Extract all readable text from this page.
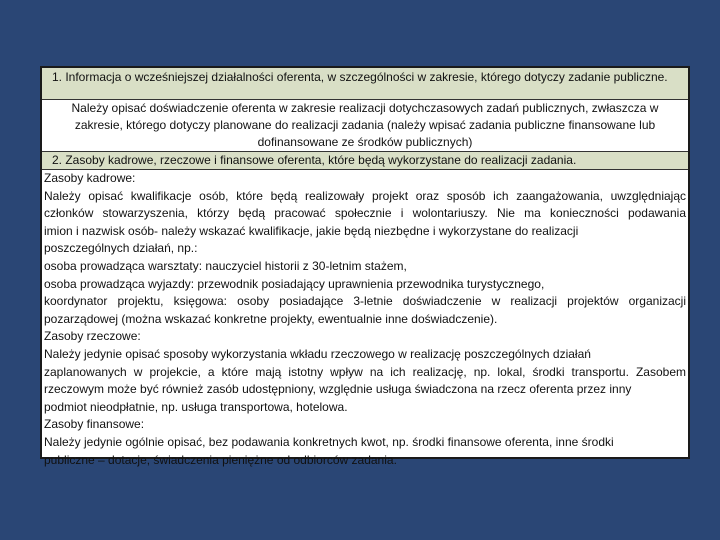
1. Informacja o wcześniejszej działalności oferenta, w szczególności w zakresie, którego dotyczy zadanie publiczne.
Należy opisać doświadczenie oferenta w zakresie realizacji dotychczasowych zadań publicznych, zwłaszcza w zakresie, którego dotyczy planowane do realizacji zadania (należy wpisać zadania publiczne finansowane lub dofinansowane ze środków publicznych)
2. Zasoby kadrowe, rzeczowe i finansowe oferenta, które będą wykorzystane do realizacji zadania.
Zasoby kadrowe:
Należy opisać kwalifikacje osób, które będą realizowały projekt oraz sposób ich zaangażowania, uwzględniając
członków stowarzyszenia, którzy będą pracować społecznie i wolontariuszy. Nie ma konieczności podawania
imion i nazwisk osób- należy wskazać kwalifikacje, jakie będą niezbędne i wykorzystane do realizacji
poszczególnych działań, np.:
osoba prowadząca warsztaty: nauczyciel historii z 30-letnim stażem,
osoba prowadząca wyjazdy: przewodnik posiadający uprawnienia przewodnika turystycznego,
koordynator projektu, księgowa: osoby posiadające 3-letnie doświadczenie w realizacji projektów organizacji
pozarządowej (można wskazać konkretne projekty, ewentualnie inne doświadczenie).
Zasoby rzeczowe:
Należy jedynie opisać sposoby wykorzystania wkładu rzeczowego w realizację poszczególnych działań
zaplanowanych w projekcie, a które mają istotny wpływ na ich realizację, np. lokal, środki transportu. Zasobem
rzeczowym może być również zasób udostępniony, względnie usługa świadczona na rzecz oferenta przez inny
podmiot nieodpłatnie, np. usługa transportowa, hotelowa.
Zasoby finansowe:
Należy jedynie ogólnie opisać, bez podawania konkretnych kwot, np. środki finansowe oferenta, inne środki
publiczne – dotacje, świadczenia pieniężne od odbiorców zadania.
